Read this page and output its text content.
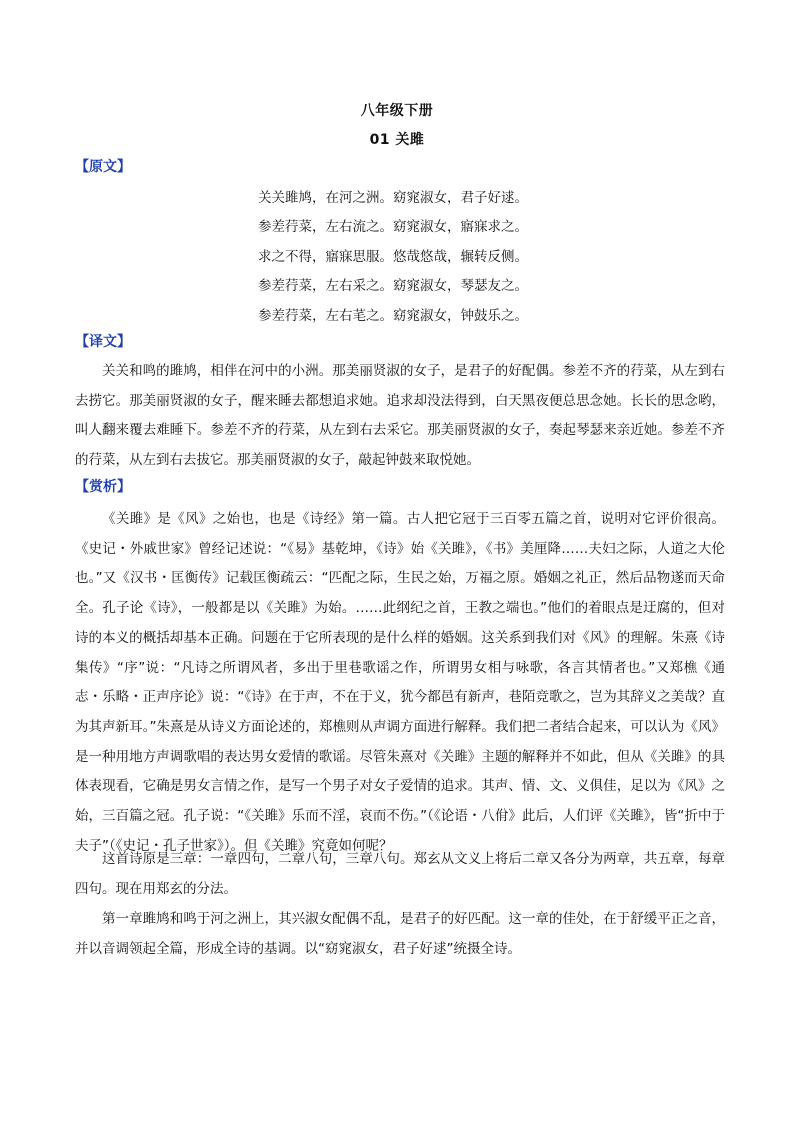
八年级下册
01 关雎
【原文】
关关雎鸠，在河之洲。窈窕淑女，君子好逑。
参差荇菜，左右流之。窈窕淑女，寤寐求之。
求之不得，寤寐思服。悠哉悠哉，辗转反侧。
参差荇菜，左右采之。窈窕淑女，琴瑟友之。
参差荇菜，左右芼之。窈窕淑女，钟鼓乐之。
【译文】

关关和鸣的雎鸠，相伴在河中的小洲。那美丽贤淑的女子，是君子的好配偶。参差不齐的荇菜，从左到右去捞它。那美丽贤淑的女子，醒来睡去都想追求她。追求却没法得到，白天黑夜便总思念她。长长的思念哟，叫人翻来覆去难睡下。参差不齐的荇菜，从左到右去采它。那美丽贤淑的女子，奏起琴瑟来亲近她。参差不齐的荇菜，从左到右去拔它。那美丽贤淑的女子，敲起钟鼓来取悦她。

【赏析】

《关雎》是《风》之始也，也是《诗经》第一篇。古人把它冠于三百零五篇之首，说明对它评价很高。《史记・外戚世家》曾经记述说：“《易》基乾坤，《诗》始《关雎》，《书》美厘降……夫妇之际，人道之大伦也。”又《汉书・匡衡传》记载匡衡疏云：“匹配之际，生民之始，万福之原。婚姻之礼正，然后品物遂而天命全。孔子论《诗》，一般都是以《关雎》为始。……此纲纪之首，王教之端也。”他们的着眼点是迂腐的，但对诗的本义的概括却基本正确。问题在于它所表现的是什么样的婚姻。这关系到我们对《风》的理解。朱熹《诗集传》“序”说：“凡诗之所谓风者，多出于里巷歌谣之作，所谓男女相与咏歌，各言其情者也。”又郑樵《通志・乐略・正声序论》说：“《诗》在于声，不在于义，犹今都邑有新声，巷陌竞歌之，岂为其辞义之美哉？直为其声新耳。”朱熹是从诗义方面论述的，郑樵则从声调方面进行解释。我们把二者结合起来，可以认为《风》是一种用地方声调歌唱的表达男女爱情的歌谣。尽管朱熹对《关雎》主题的解释并不如此，但从《关雎》的具体表现看，它确是男女言情之作，是写一个男子对女子爱情的追求。其声、情、文、义俱佳，足以为《风》之始，三百篇之冠。孔子说：“《关雎》乐而不淫，哀而不伤。”（《论语・八佾》此后，人们评《关雎》，皆“折中于夫子”（《史记・孔子世家》）。但《关雎》究竟如何呢？

这首诗原是三章：一章四句，二章八句，三章八句。郑玄从文义上将后二章又各分为两章，共五章，每章四句。现在用郑玄的分法。

第一章雎鸠和鸣于河之洲上，其兴淑女配偶不乱，是君子的好匹配。这一章的佳处，在于舒缓平正之音，并以音调领起全篇，形成全诗的基调。以“窈窕淑女，君子好逑”统摄全诗。
